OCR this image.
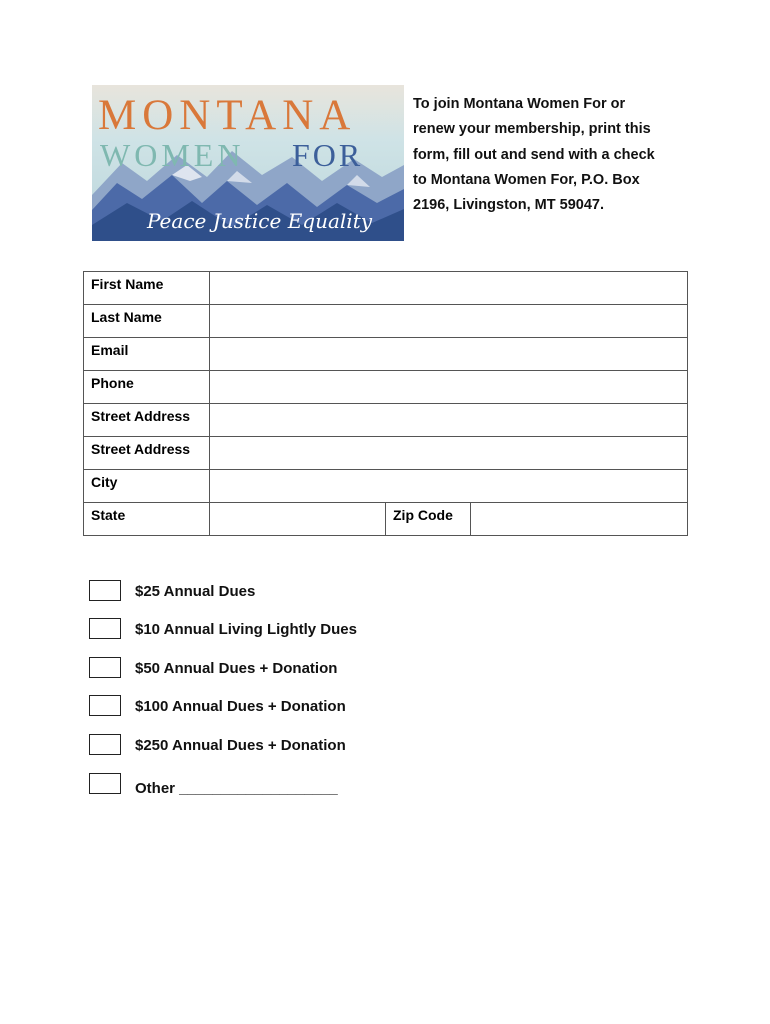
MONTANA
WOMEN FOR
Peace Justice Equality
To join Montana Women For or
renew your membership, print this
form, fill out and send with a check
to Montana Women For, P.O. Box
2196, Livingston, MT 59047.
First Name			
Last Name			
Email			
Phone			
Street Address			
Street Address			
City			
State		Zip Code	
$25 Annual Dues
$10 Annual Living Lightly Dues
$50 Annual Dues + Donation
$100 Annual Dues + Donation
$250 Annual Dues + Donation
Other ___________________
